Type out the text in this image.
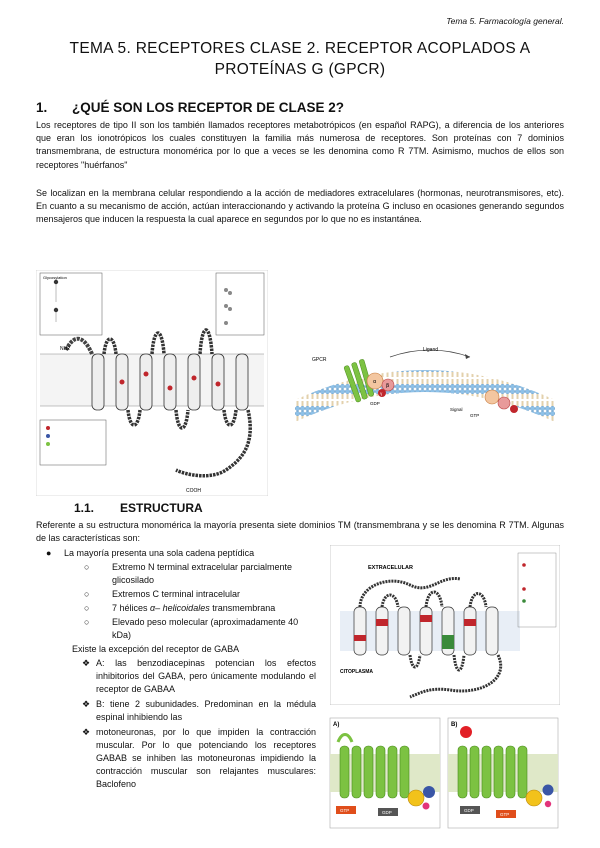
Tema 5. Farmacología general.
TEMA 5. RECEPTORES CLASE 2. RECEPTOR ACOPLADOS A
PROTEÍNAS G (GPCR)
1. ¿QUÉ SON LOS RECEPTOR DE CLASE 2?
Los receptores de tipo II son los también llamados receptores metabotrópicos (en español RAPG), a diferencia de los anteriores que eran los ionotrópicos los cuales constituyen la familia más numerosa de receptores. Son proteínas con 7 dominios transmembrana, de estructura monomérica por lo que a veces se les denomina como R 7TM. Asimismo, muchos de ellos son receptores "huérfanos"
Se localizan en la membrana celular respondiendo a la acción de mediadores extracelulares (hormonas, neurotransmisores, etc). En cuanto a su mecanismo de acción, actúan interaccionando y activando la proteína G incluso en ocasiones generando segundos mensajeros que inducen la respuesta la cual aparece en segundos por lo que no es instantánea.
Glycosylation
COOH
NH2	Ligand
GPCR
GDP
GTP
Signal
α
β
γ
1.1. ESTRUCTURA
Referente a su estructura monomérica la mayoría presenta siete dominios TM (transmembrana y se les denomina R 7TM. Algunas de las características son:
● La mayoría presenta una sola cadena peptídica
○	Extremo N terminal extracelular parcialmente glicosilado
○	Extremos C terminal intracelular
○	7 hélices α– helicoidales transmembrana
○	Elevado peso molecular (aproximadamente 40 kDa)
Existe la excepción del receptor de GABA
❖ A: las benzodiacepinas potencian los efectos inhibitorios del GABA, pero únicamente modulando el receptor de GABAA
❖ B: tiene 2 subunidades. Predominan en la médula espinal inhibiendo las
❖ motoneuronas, por lo que impiden la contracción muscular. Por lo que potenciando los receptores GABAB se inhiben las motoneuronas impidiendo la contracción muscular son relajantes musculares: Baclofeno
EXTRACELULAR
CITOPLASMA
A)	B)
GTP	GDP	GDP
GTP
